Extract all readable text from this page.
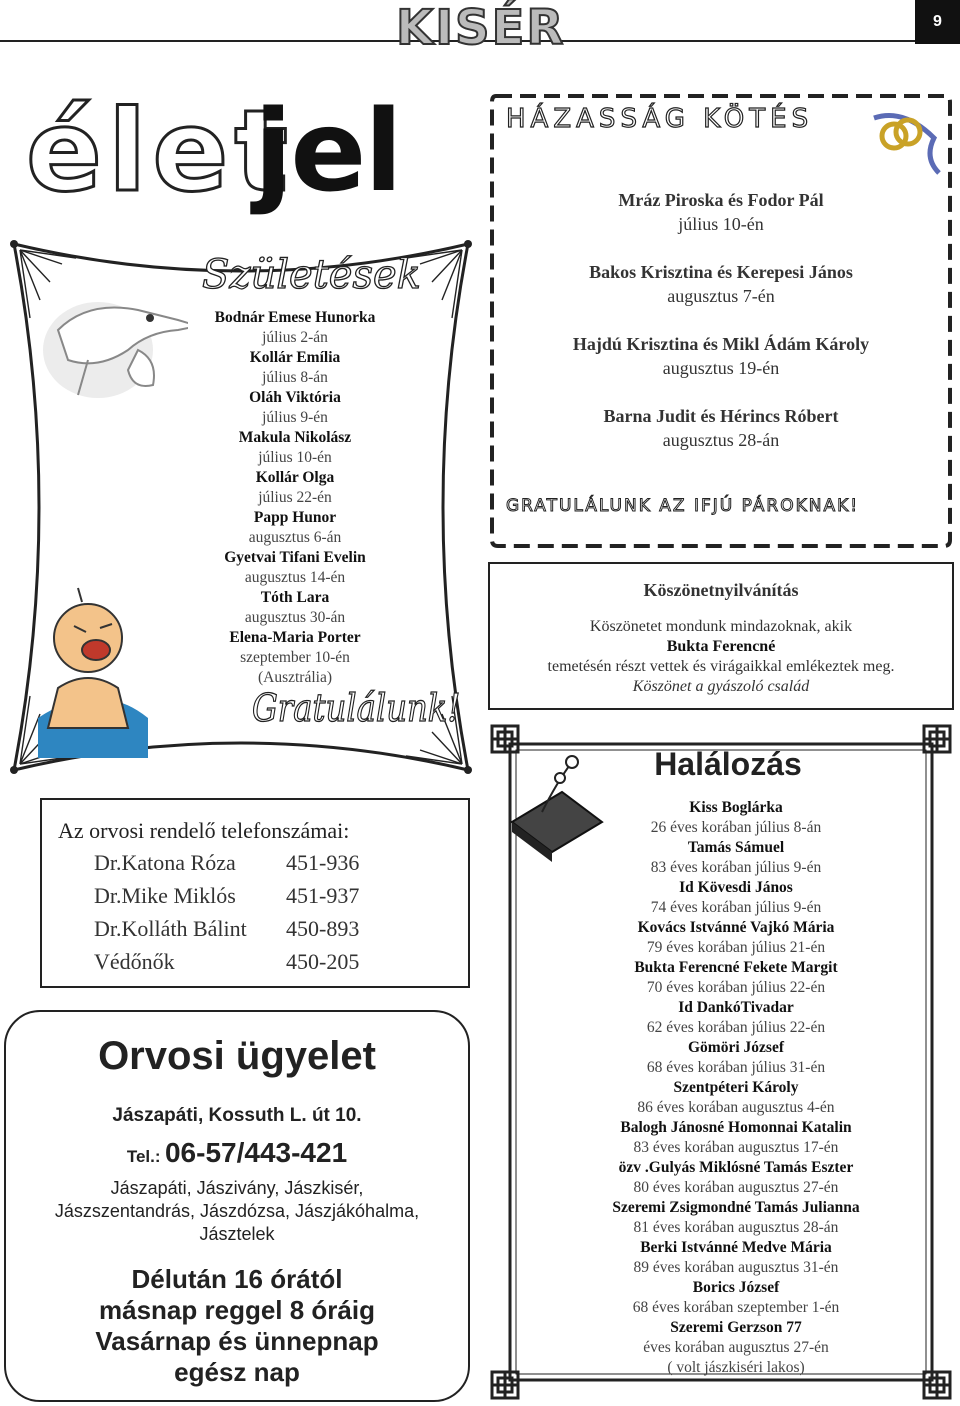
KISÉR	9
élet
jel
Születések
Bodnár Emese Hunorka
július 2-án
Kollár Emília
július 8-án
Oláh Viktória
július 9-én
Makula Nikolász
július 10-én
Kollár Olga
július 22-én
Papp Hunor
augusztus 6-án
Gyetvai Tifani Evelin
augusztus 14-én
Tóth Lara
augusztus 30-án
Elena-Maria Porter
szeptember 10-én
(Ausztrália)
Gratulálunk!
HÁZASSÁG KÖTÉS
Mráz Piroska és Fodor Pál
július 10-én
Bakos Krisztina és Kerepesi János
augusztus 7-én
Hajdú Krisztina és Mikl Ádám Károly
augusztus 19-én
Barna Judit és Hérincs Róbert
augusztus 28-án
GRATULÁLUNK AZ IFJÚ PÁROKNAK!
Köszönetnyilvánítás
Köszönetet mondunk mindazoknak, akik
Bukta Ferencné
temetésén részt vettek és virágaikkal emlékeztek meg.
Köszönet a gyászoló család
Halálozás
Kiss Boglárka
26 éves korában július 8-án
Tamás Sámuel
83 éves korában július 9-én
Id Kövesdi János
74 éves korában július 9-én
Kovács Istvánné Vajkó Mária
79 éves korában július 21-én
Bukta Ferencné Fekete Margit
70 éves korában július 22-én
Id DankóTivadar
62 éves korában július 22-én
Gömöri József
68 éves korában július 31-én
Szentpéteri Károly
86 éves korában augusztus 4-én
Balogh Jánosné Homonnai Katalin
83 éves korában augusztus 17-én
özv .Gulyás Miklósné Tamás Eszter
80 éves korában augusztus 27-én
Szeremi Zsigmondné Tamás Julianna
81 éves korában augusztus 28-án
Berki Istvánné Medve Mária
89 éves korában augusztus 31-én
Borics József
68 éves korában szeptember 1-én
Szeremi Gerzson 77
éves korában augusztus 27-én
( volt jászkiséri lakos)
Az orvosi rendelő telefonszámai:
Dr.Katona Róza	451-936
Dr.Mike Miklós	451-937
Dr.Kolláth Bálint	450-893
Védőnők	450-205
Orvosi ügyelet
Jászapáti, Kossuth L. út 10.
Tel.: 06-57/443-421
Jászapáti, Jászivány, Jászkisér,
Jászszentandrás, Jászdózsa, Jászjákóhalma,
Jásztelek
Délután 16 órától
másnap reggel 8 óráig
Vasárnap és ünnepnap
egész nap
